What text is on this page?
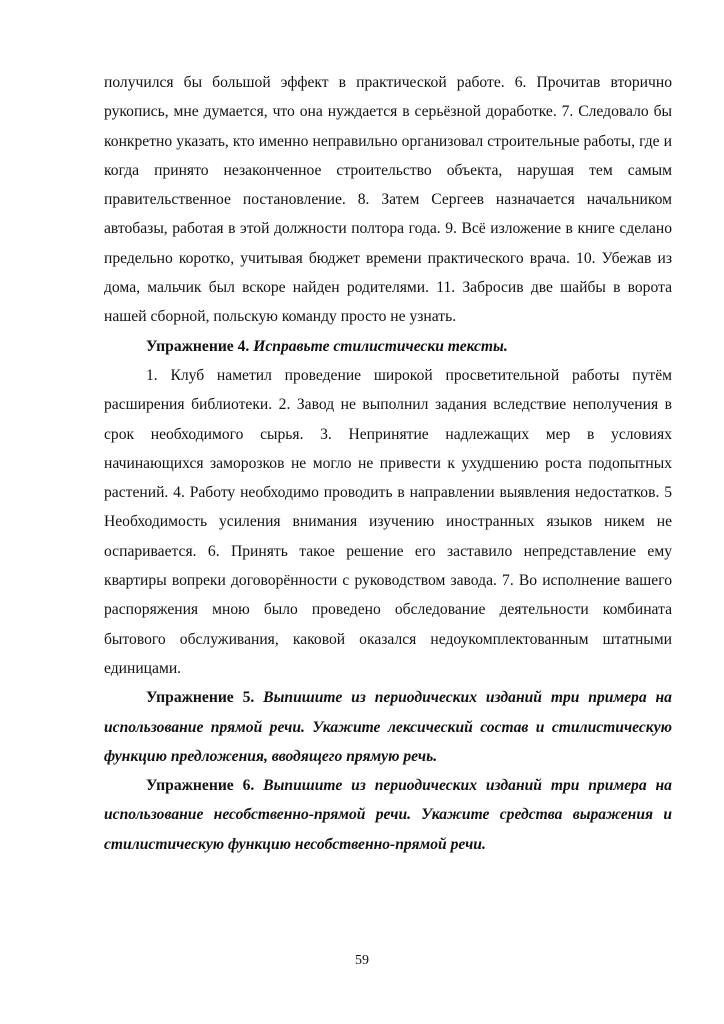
получился бы большой эффект в практической работе. 6. Прочитав вторично рукопись, мне думается, что она нуждается в серьёзной доработке. 7. Следовало бы конкретно указать, кто именно неправильно организовал строительные работы, где и когда принято незаконченное строительство объекта, нарушая тем самым правительственное постановление. 8. Затем Сергеев назначается начальником автобазы, работая в этой должности полтора года. 9. Всё изложение в книге сделано предельно коротко, учитывая бюджет времени практического врача. 10. Убежав из дома, мальчик был вскоре найден родителями. 11. Забросив две шайбы в ворота нашей сборной, польскую команду просто не узнать.

Упражнение 4. Исправьте стилистически тексты.

1. Клуб наметил проведение широкой просветительной работы путём расширения библиотеки. 2. Завод не выполнил задания вследствие неполучения в срок необходимого сырья. 3. Непринятие надлежащих мер в условиях начинающихся заморозков не могло не привести к ухудшению роста подопытных растений. 4. Работу необходимо проводить в направлении выявления недостатков. 5 Необходимость усиления внимания изучению иностранных языков никем не оспаривается. 6. Принять такое решение его заставило непредставление ему квартиры вопреки договорённости с руководством завода. 7. Во исполнение вашего распоряжения мною было проведено обследование деятельности комбината бытового обслуживания, каковой оказался недоукомплектованным штатными единицами.

Упражнение 5. Выпишите из периодических изданий три примера на использование прямой речи. Укажите лексический состав и стилистическую функцию предложения, вводящего прямую речь.

Упражнение 6. Выпишите из периодических изданий три примера на использование несобственно-прямой речи. Укажите средства выражения и стилистическую функцию несобственно-прямой речи.

59
